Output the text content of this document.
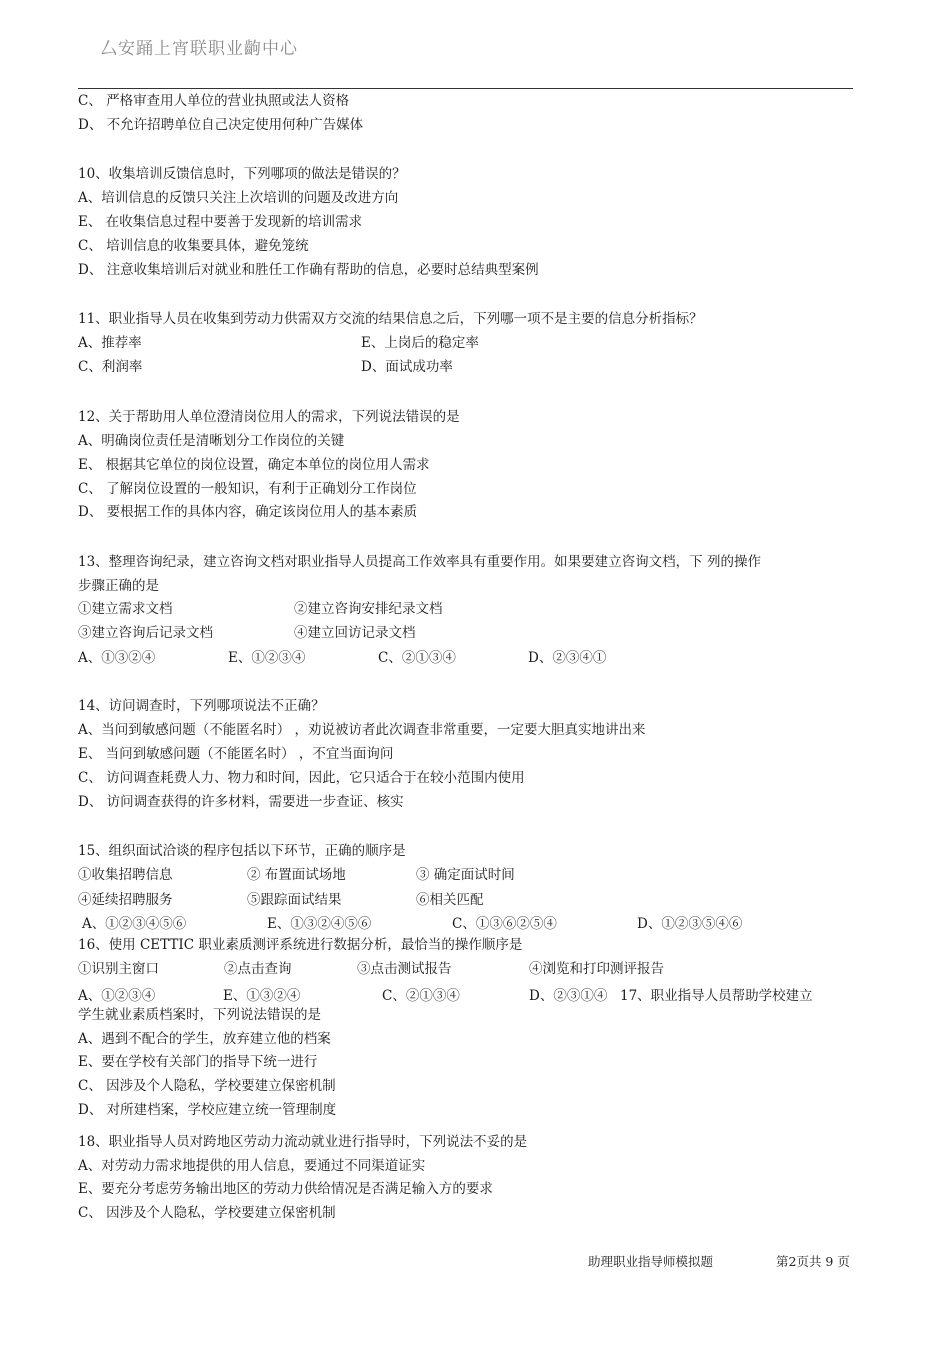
厶安踊上宵联职业齣中心
C、 严格审查用人单位的营业执照或法人资格
D、 不允许招聘单位自己决定使用何种广告媒体
10、收集培训反馈信息时，下列哪项的做法是错误的？
A、培训信息的反馈只关注上次培训的问题及改进方向
E、 在收集信息过程中要善于发现新的培训需求
C、 培训信息的收集要具体，避免笼统
D、 注意收集培训后对就业和胜任工作确有帮助的信息，必要时总结典型案例
11、职业指导人员在收集到劳动力供需双方交流的结果信息之后，下列哪一项不是主要的信息分析指标？
A、推荐率	E、上岗后的稳定率
C、利润率	D、面试成功率
12、关于帮助用人单位澄清岗位用人的需求，下列说法错误的是
A、明确岗位责任是清晰划分工作岗位的关键
E、 根据其它单位的岗位设置，确定本单位的岗位用人需求
C、 了解岗位设置的一般知识，有利于正确划分工作岗位
D、 要根据工作的具体内容，确定该岗位用人的基本素质
13、整理咨询纪录，建立咨询文档对职业指导人员提高工作效率具有重要作用。如果要建立咨询文档，下 列的操作
步骤正确的是
①建立需求文档	②建立咨询安排纪录文档
③建立咨询后记录文档	④建立回访记录文档
A、①③②④	E、①②③④	C、②①③④	D、②③④①
14、访问调查时，下列哪项说法不正确？
A、当问到敏感问题（不能匿名时） ，劝说被访者此次调查非常重要，一定要大胆真实地讲出来
E、 当问到敏感问题（不能匿名时） ，不宜当面询问
C、 访问调查耗费人力、物力和时间，因此，它只适合于在较小范围内使用
D、 访问调查获得的许多材料，需要进一步查证、核实
15、组织面试洽谈的程序包括以下环节，正确的顺序是
①收集招聘信息	② 布置面试场地	③ 确定面试时间
④延续招聘服务	⑤跟踪面试结果	⑥相关匹配
A、①②③④⑤⑥	E、①③②④⑤⑥	C、①③⑥②⑤④	D、①②③⑤④⑥
16、使用 CETTIC 职业素质测评系统进行数据分析，最恰当的操作顺序是
①识别主窗口	②点击查询	③点击测试报告	④浏览和打印测评报告
A、①②③④	E、①③②④	C、②①③④	D、②③①④ 17、职业指导人员帮助学校建立
学生就业素质档案时，下列说法错误的是
A、遇到不配合的学生，放弃建立他的档案
E、要在学校有关部门的指导下统一进行
C、 因涉及个人隐私，学校要建立保密机制
D、 对所建档案，学校应建立统一管理制度
18、职业指导人员对跨地区劳动力流动就业进行指导时，下列说法不妥的是
A、对劳动力需求地提供的用人信息，要通过不同渠道证实
E、要充分考虑劳务输出地区的劳动力供给情况是否满足输入方的要求
C、 因涉及个人隐私，学校要建立保密机制
助理职业指导师模拟题	第2页共 9 页
